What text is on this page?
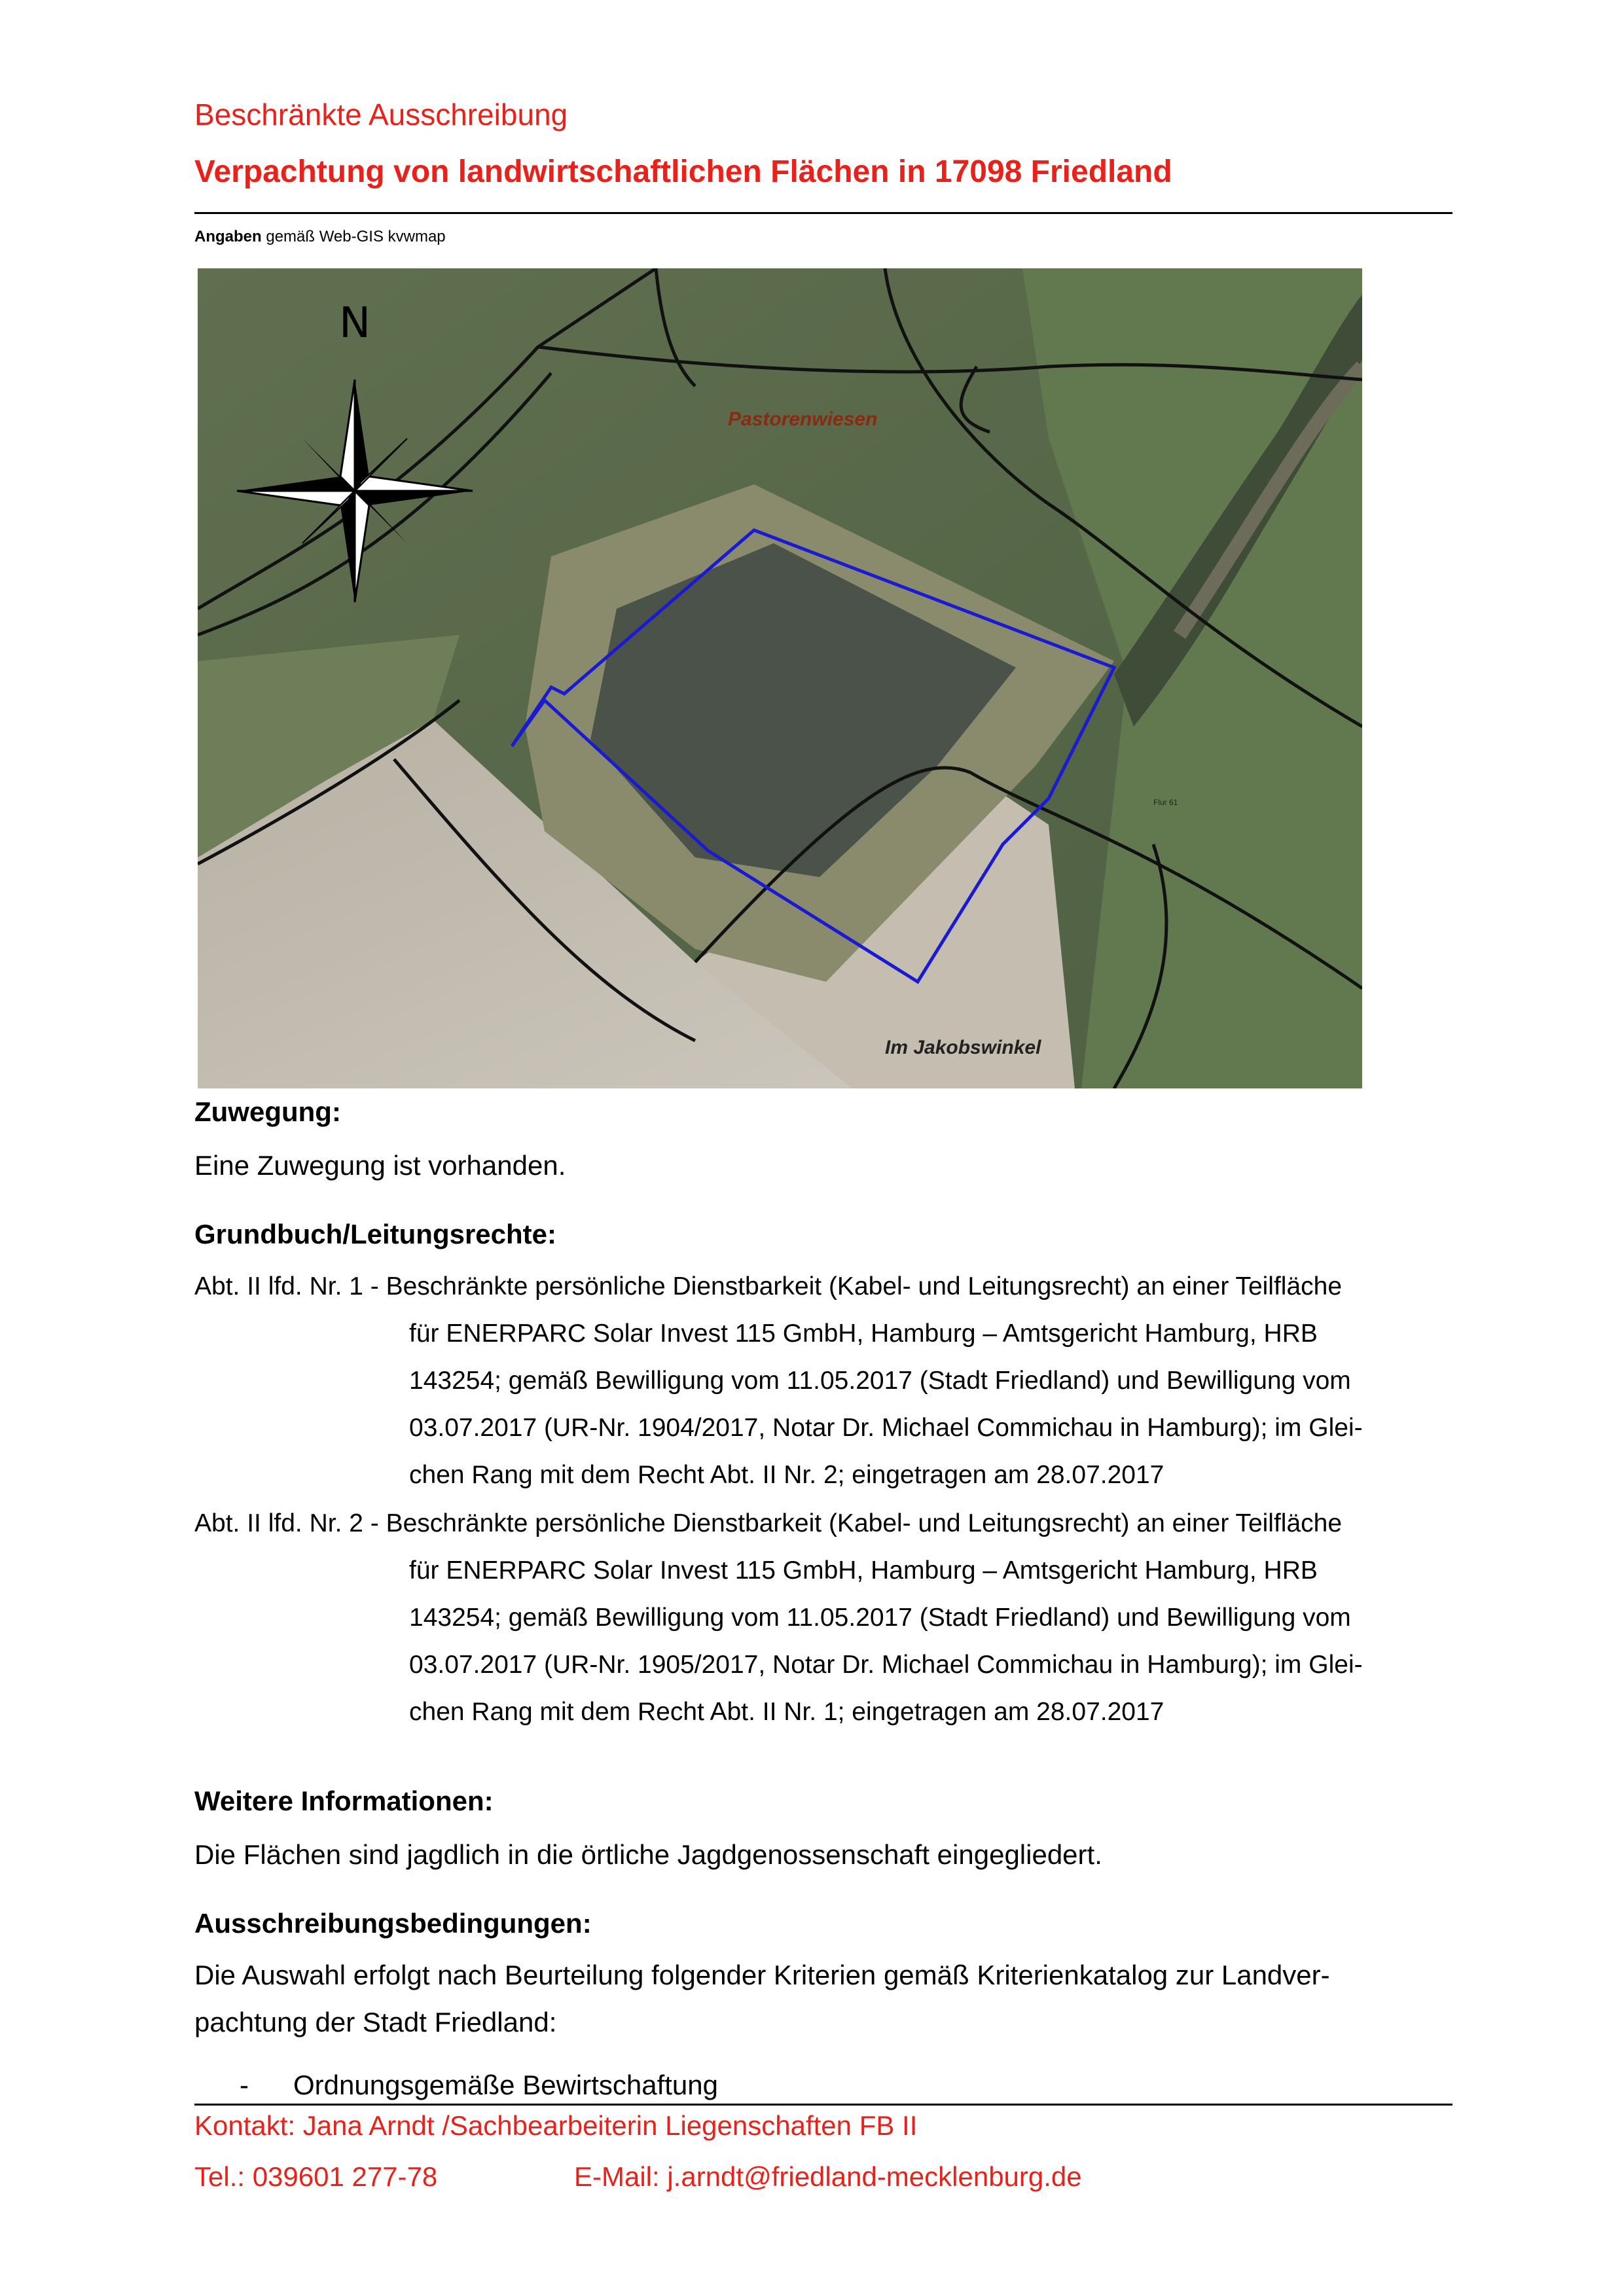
Beschränkte Ausschreibung
Verpachtung von landwirtschaftlichen Flächen in 17098 Friedland
Angaben gemäß Web-GIS kvwmap
N
Pastorenwiesen
Im Jakobswinkel
Flur 61
Zuwegung:
Eine Zuwegung ist vorhanden.
Grundbuch/Leitungsrechte:
Abt. II lfd. Nr. 1 - Beschränkte persönliche Dienstbarkeit (Kabel- und Leitungsrecht) an einer Teilfläche
für ENERPARC Solar Invest 115 GmbH, Hamburg – Amtsgericht Hamburg, HRB
143254; gemäß Bewilligung vom 11.05.2017 (Stadt Friedland) und Bewilligung vom
03.07.2017 (UR-Nr. 1904/2017, Notar Dr. Michael Commichau in Hamburg); im Glei-
chen Rang mit dem Recht Abt. II Nr. 2; eingetragen am 28.07.2017
Abt. II lfd. Nr. 2 - Beschränkte persönliche Dienstbarkeit (Kabel- und Leitungsrecht) an einer Teilfläche
für ENERPARC Solar Invest 115 GmbH, Hamburg – Amtsgericht Hamburg, HRB
143254; gemäß Bewilligung vom 11.05.2017 (Stadt Friedland) und Bewilligung vom
03.07.2017 (UR-Nr. 1905/2017, Notar Dr. Michael Commichau in Hamburg); im Glei-
chen Rang mit dem Recht Abt. II Nr. 1; eingetragen am 28.07.2017
Weitere Informationen:
Die Flächen sind jagdlich in die örtliche Jagdgenossenschaft eingegliedert.
Ausschreibungsbedingungen:
Die Auswahl erfolgt nach Beurteilung folgender Kriterien gemäß Kriterienkatalog zur Landver-
pachtung der Stadt Friedland:
- Ordnungsgemäße Bewirtschaftung
Kontakt: Jana Arndt /Sachbearbeiterin Liegenschaften FB II
Tel.: 039601 277-78	E-Mail: j.arndt@friedland-mecklenburg.de
